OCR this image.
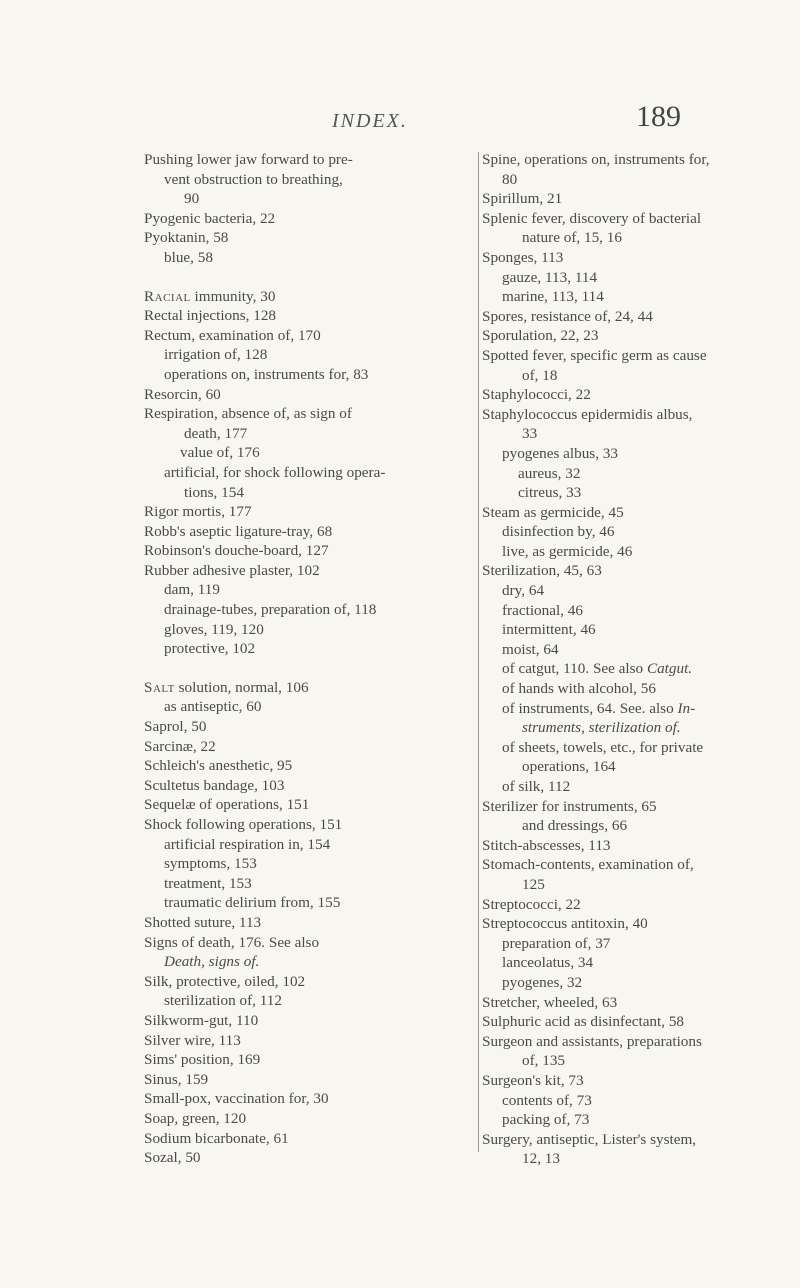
INDEX.	189
Pushing lower jaw forward to pre-
vent obstruction to breathing,
90
Pyogenic bacteria, 22
Pyoktanin, 58
blue, 58
Racial immunity, 30
Rectal injections, 128
Rectum, examination of, 170
irrigation of, 128
operations on, instruments for, 83
Resorcin, 60
Respiration, absence of, as sign of
death, 177
value of, 176
artificial, for shock following opera-
tions, 154
Rigor mortis, 177
Robb's aseptic ligature-tray, 68
Robinson's douche-board, 127
Rubber adhesive plaster, 102
dam, 119
drainage-tubes, preparation of, 118
gloves, 119, 120
protective, 102
Salt solution, normal, 106
as antiseptic, 60
Saprol, 50
Sarcinæ, 22
Schleich's anesthetic, 95
Scultetus bandage, 103
Sequelæ of operations, 151
Shock following operations, 151
artificial respiration in, 154
symptoms, 153
treatment, 153
traumatic delirium from, 155
Shotted suture, 113
Signs of death, 176. See also
Death, signs of.
Silk, protective, oiled, 102
sterilization of, 112
Silkworm-gut, 110
Silver wire, 113
Sims' position, 169
Sinus, 159
Small-pox, vaccination for, 30
Soap, green, 120
Sodium bicarbonate, 61
Sozal, 50
Spine, operations on, instruments for,
80
Spirillum, 21
Splenic fever, discovery of bacterial
nature of, 15, 16
Sponges, 113
gauze, 113, 114
marine, 113, 114
Spores, resistance of, 24, 44
Sporulation, 22, 23
Spotted fever, specific germ as cause
of, 18
Staphylococci, 22
Staphylococcus epidermidis albus,
33
pyogenes albus, 33
aureus, 32
citreus, 33
Steam as germicide, 45
disinfection by, 46
live, as germicide, 46
Sterilization, 45, 63
dry, 64
fractional, 46
intermittent, 46
moist, 64
of catgut, 110. See also Catgut.
of hands with alcohol, 56
of instruments, 64. See. also In-
struments, sterilization of.
of sheets, towels, etc., for private
operations, 164
of silk, 112
Sterilizer for instruments, 65
and dressings, 66
Stitch-abscesses, 113
Stomach-contents, examination of,
125
Streptococci, 22
Streptococcus antitoxin, 40
preparation of, 37
lanceolatus, 34
pyogenes, 32
Stretcher, wheeled, 63
Sulphuric acid as disinfectant, 58
Surgeon and assistants, preparations
of, 135
Surgeon's kit, 73
contents of, 73
packing of, 73
Surgery, antiseptic, Lister's system,
12, 13
